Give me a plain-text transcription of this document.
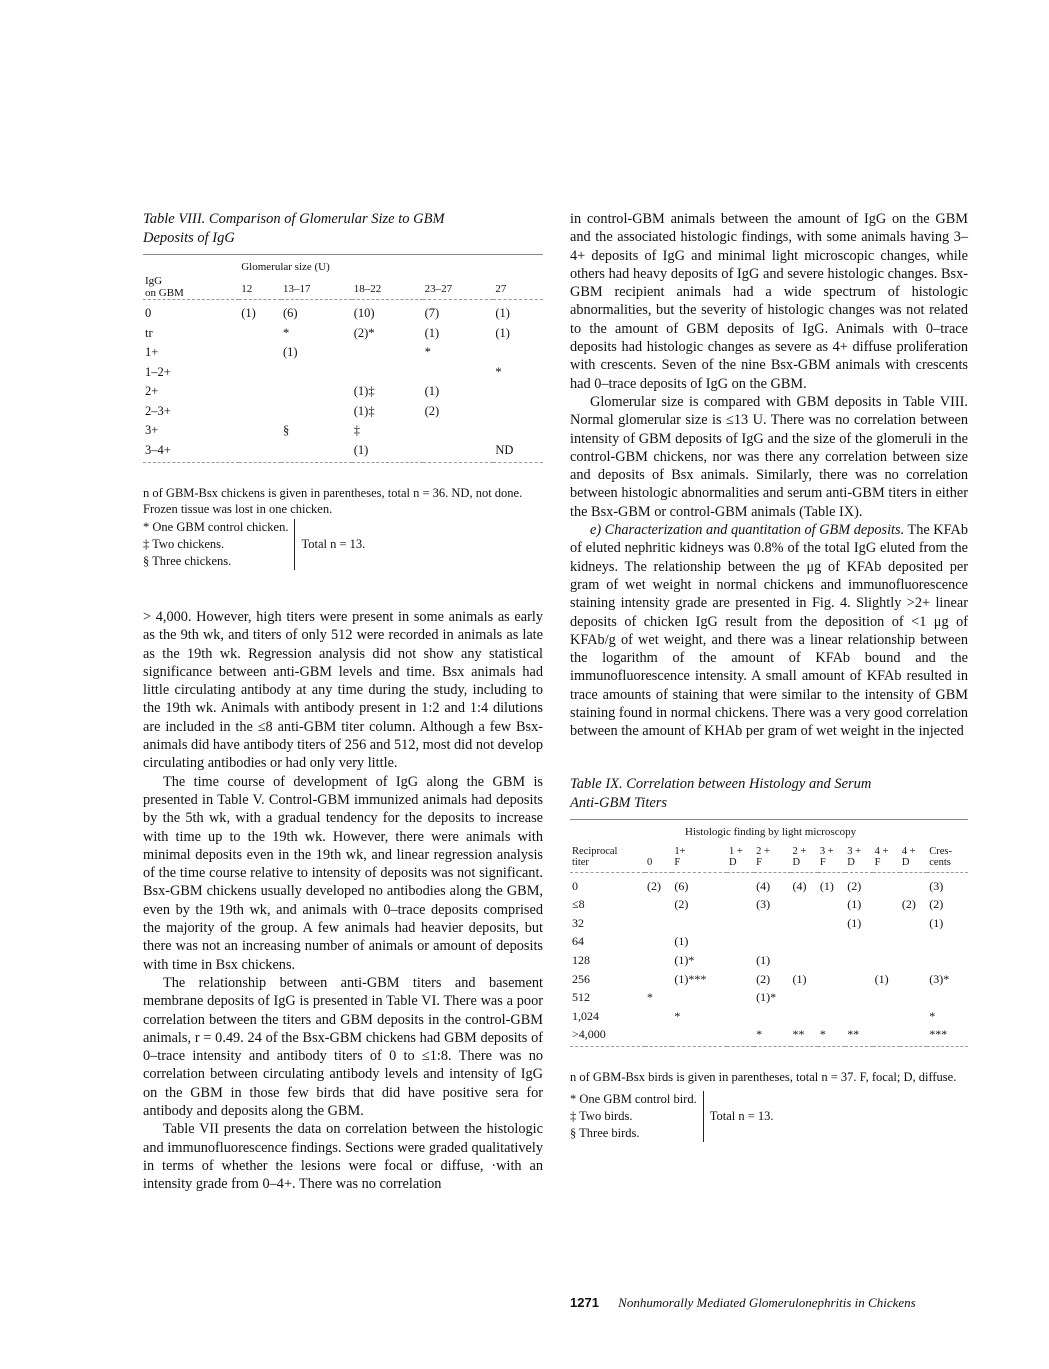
Table VIII. Comparison of Glomerular Size to GBM Deposits of IgG
IgG
on GBM	Glomerular size (U)				
	12	13–17	18–22	23–27	27

0	(1)	(6)	(10)	(7)	(1)
tr		*	(2)*	(1)	(1)
1+		(1)		*	
1–2+					*
2+			(1)‡	(1)	
2–3+			(1)‡	(2)	
3+		§	‡		
3–4+			(1)		ND

n of GBM-Bsx chickens is given in parentheses, total n = 36. ND, not done. Frozen tissue was lost in one chicken.
* One GBM control chicken.
‡ Two chickens.
§ Three chickens.
Total n = 13.

> 4,000. However, high titers were present in some animals as early as the 9th wk, and titers of only 512 were recorded in animals as late as the 19th wk. Regression analysis did not show any statistical significance between anti-GBM levels and time. Bsx animals had little circulating antibody at any time during the study, including to the 19th wk. Animals with antibody present in 1:2 and 1:4 dilutions are included in the ≤8 anti-GBM titer column. Although a few Bsx-animals did have antibody titers of 256 and 512, most did not develop circulating antibodies or had only very little.

The time course of development of IgG along the GBM is presented in Table V. Control-GBM immunized animals had deposits by the 5th wk, with a gradual tendency for the deposits to increase with time up to the 19th wk. However, there were animals with minimal deposits even in the 19th wk, and linear regression analysis of the time course relative to intensity of deposits was not significant. Bsx-GBM chickens usually developed no antibodies along the GBM, even by the 19th wk, and animals with 0–trace deposits comprised the majority of the group. A few animals had heavier deposits, but there was not an increasing number of animals or amount of deposits with time in Bsx chickens.

The relationship between anti-GBM titers and basement membrane deposits of IgG is presented in Table VI. There was a poor correlation between the titers and GBM deposits in the control-GBM animals, r = 0.49. 24 of the Bsx-GBM chickens had GBM deposits of 0–trace intensity and antibody titers of 0 to ≤1:8. There was no correlation between circulating antibody levels and intensity of IgG on the GBM in those few birds that did have positive sera for antibody and deposits along the GBM.

Table VII presents the data on correlation between the histologic and immunofluorescence findings. Sections were graded qualitatively in terms of whether the lesions were focal or diffuse, ·with an intensity grade from 0–4+. There was no correlation

in control-GBM animals between the amount of IgG on the GBM and the associated histologic findings, with some animals having 3–4+ deposits of IgG and minimal light microscopic changes, while others had heavy deposits of IgG and severe histologic changes. Bsx-GBM recipient animals had a wide spectrum of histologic abnormalities, but the severity of histologic changes was not related to the amount of GBM deposits of IgG. Animals with 0–trace deposits had histologic changes as severe as 4+ diffuse proliferation with crescents. Seven of the nine Bsx-GBM animals with crescents had 0–trace deposits of IgG on the GBM.

Glomerular size is compared with GBM deposits in Table VIII. Normal glomerular size is ≤13 U. There was no correlation between intensity of GBM deposits of IgG and the size of the glomeruli in the control-GBM chickens, nor was there any correlation between size and deposits of Bsx animals. Similarly, there was no correlation between histologic abnormalities and serum anti-GBM titers in either the Bsx-GBM or control-GBM animals (Table IX).

e) Characterization and quantitation of GBM deposits. The KFAb of eluted nephritic kidneys was 0.8% of the total IgG eluted from the kidneys. The relationship between the μg of KFAb deposited per gram of wet weight in normal chickens and immunofluorescence staining intensity grade are presented in Fig. 4. Slightly >2+ linear deposits of chicken IgG result from the deposition of <1 μg of KFAb/g of wet weight, and there was a linear relationship between the logarithm of the amount of KFAb bound and the immunofluorescence intensity. A small amount of KFAb resulted in trace amounts of staining that were similar to the intensity of GBM staining found in normal chickens. There was a very good correlation between the amount of KHAb per gram of wet weight in the injected

Table IX. Correlation between Histology and Serum Anti-GBM Titers
	Histologic finding by light microscopy									
Reciprocal		1+	1 +	2 +	2 +	3 +	3 +	4 +	4 +	Cres-
titer	0	F	D	F	D	F	D	F	D	cents

0	(2)	(6)		(4)	(4)	(1)	(2)			(3)
≤8		(2)		(3)			(1)		(2)	(2)
32							(1)			(1)
64		(1)								
128		(1)*		(1)						
256		(1)***		(2)	(1)			(1)		(3)*
512	*			(1)*						
1,024		*								*
>4,000				*	**	*	**			***

n of GBM-Bsx birds is given in parentheses, total n = 37. F, focal; D, diffuse.
* One GBM control bird.
‡ Two birds.
§ Three birds.
Total n = 13.
1271 Nonhumorally Mediated Glomerulonephritis in Chickens
